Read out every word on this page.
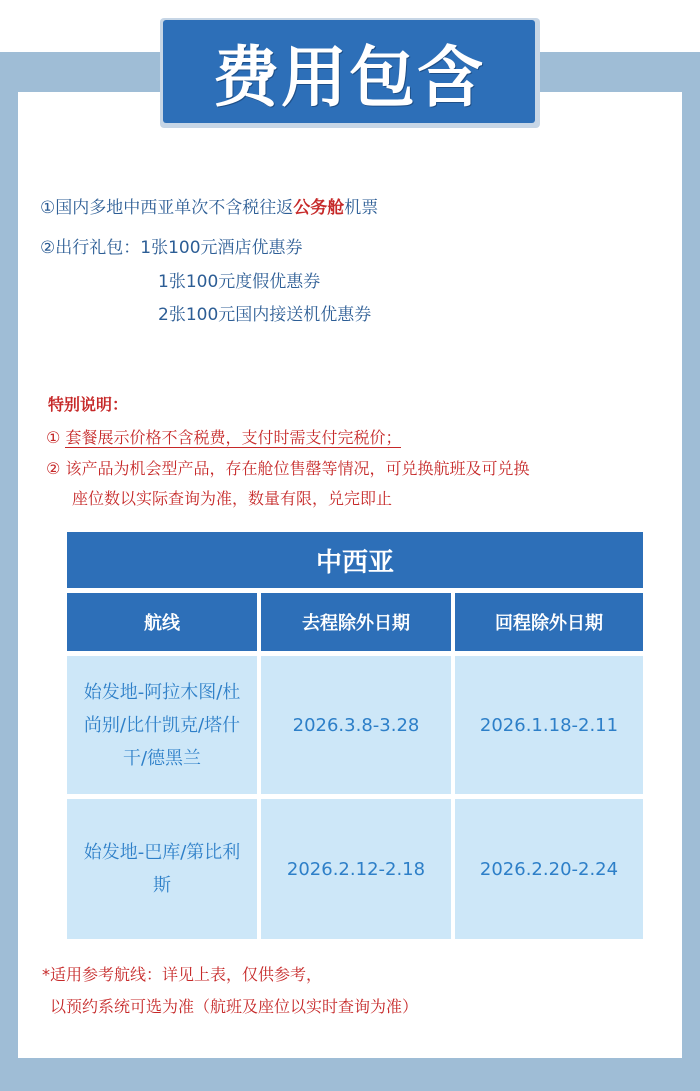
费用包含
①国内多地中西亚单次不含税往返公务舱机票
②出行礼包：1张100元酒店优惠券
1张100元度假优惠券
2张100元国内接送机优惠券
特别说明：
① 套餐展示价格不含税费，支付时需支付完税价；
② 该产品为机会型产品，存在舱位售罄等情况，可兑换航班及可兑换
座位数以实际查询为准，数量有限，兑完即止
中西亚
航线	去程除外日期	回程除外日期
始发地-阿拉木图/杜
尚别/比什凯克/塔什
干/德黑兰
2026.3.8-3.28	2026.1.18-2.11
始发地-巴库/第比利
斯
2026.2.12-2.18	2026.2.20-2.24
*适用参考航线：详见上表，仅供参考，
以预约系统可选为准（航班及座位以实时查询为准）
